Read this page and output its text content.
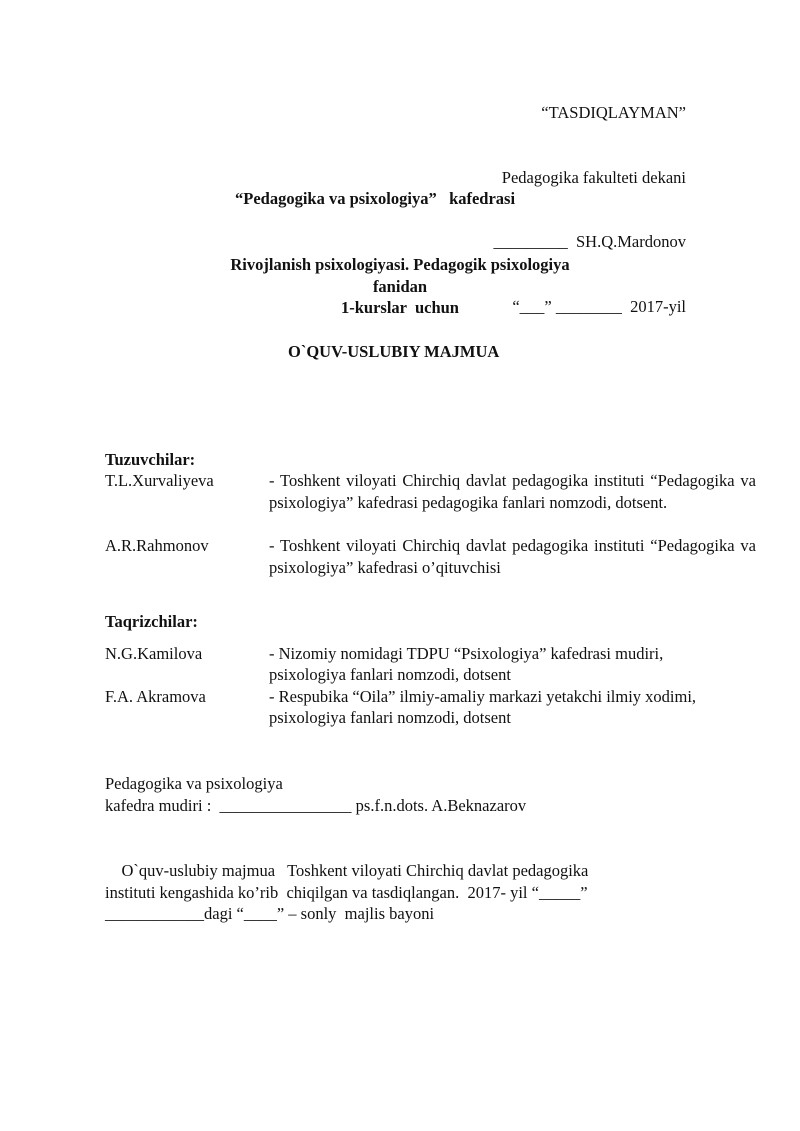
“TASDIQLAYMAN”

Pedagogika fakulteti dekani

_________  SH.Q.Mardonov

“___” ________  2017-yil

“Pedagogika va psixologiya”   kafedrasi
Rivojlanish psixologiyasi. Pedagogik psixologiya
fanidan
1-kurslar  uchun
O`QUV-USLUBIY MAJMUA
Tuzuvchilar:
T.L.Xurvaliyeva	- Toshkent viloyati Chirchiq davlat pedagogika instituti “Pedagogika va psixologiya” kafedrasi pedagogika fanlari nomzodi, dotsent.
A.R.Rahmonov	- Toshkent viloyati Chirchiq davlat pedagogika instituti “Pedagogika va psixologiya” kafedrasi o’qituvchisi
Taqrizchilar:
N.G.Kamilova	- Nizomiy nomidagi TDPU “Psixologiya” kafedrasi mudiri,
psixologiya fanlari nomzodi, dotsent
F.A. Akramova	- Respubika “Oila” ilmiy-amaliy markazi yetakchi ilmiy xodimi,
psixologiya fanlari nomzodi, dotsent
Pedagogika va psixologiya
kafedra mudiri :  ________________ ps.f.n.dots. A.Beknazarov
O`quv-uslubiy majmua   Toshkent viloyati Chirchiq davlat pedagogika
instituti kengashida ko’rib  chiqilgan va tasdiqlangan.  2017- yil “_____”
____________dagi “____” – sonly  majlis bayoni
